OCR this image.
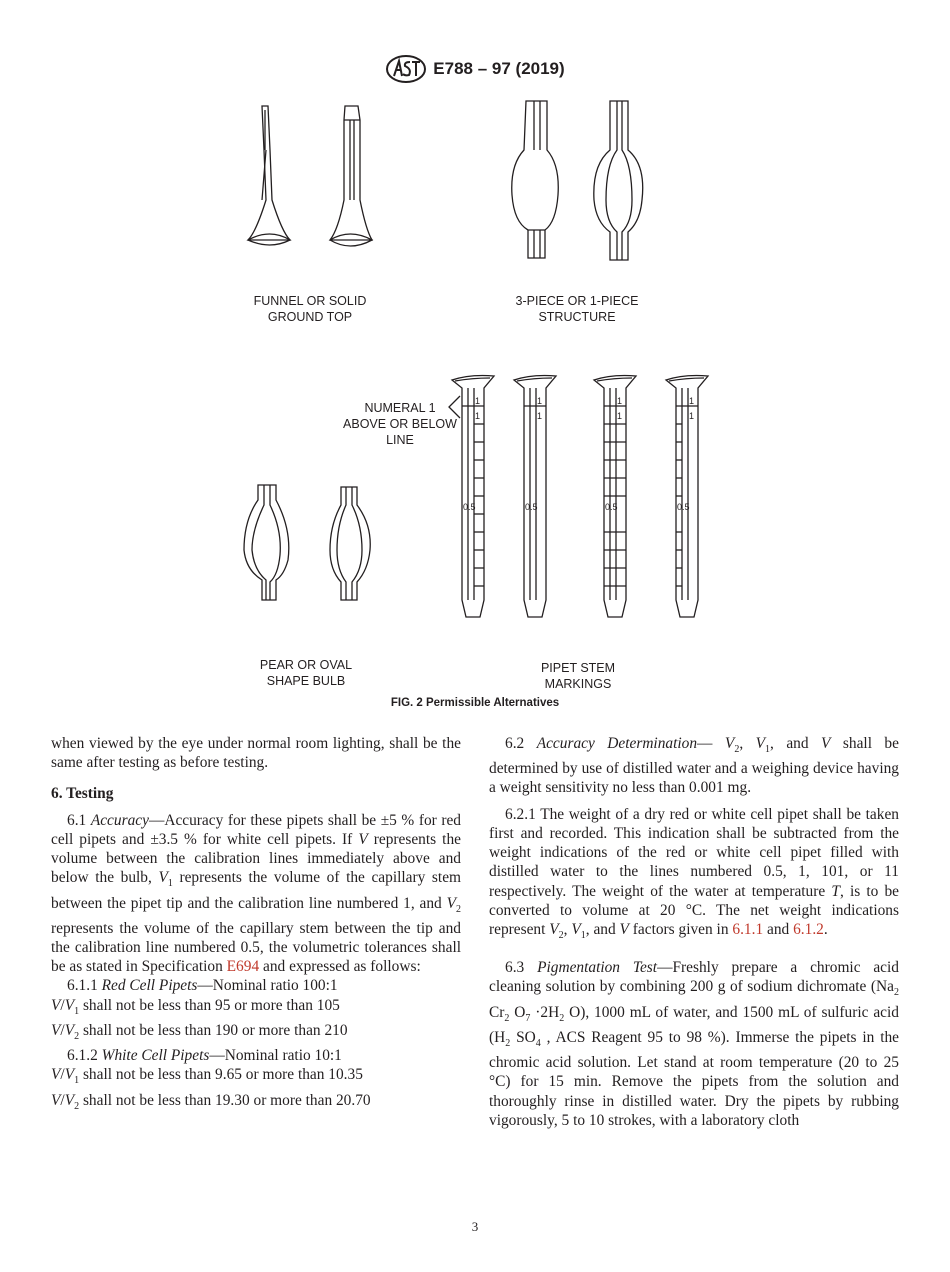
E788 – 97 (2019)
1
1
0.5
1
1
0.5
1
1
0.5
1
1
0.5
FUNNEL OR SOLID
GROUND TOP
3-PIECE OR 1-PIECE
STRUCTURE
NUMERAL 1
ABOVE OR BELOW
LINE
PEAR OR OVAL
SHAPE BULB
PIPET STEM
MARKINGS
FIG. 2 Permissible Alternatives

when viewed by the eye under normal room lighting, shall be the same after testing as before testing.

6. Testing

6.1 Accuracy—Accuracy for these pipets shall be ±5 % for red cell pipets and ±3.5 % for white cell pipets. If V represents the volume between the calibration lines immediately above and below the bulb, $V_1$ represents the volume of the capillary stem between the pipet tip and the calibration line numbered 1, and $V_2$ represents the volume of the capillary stem between the tip and the calibration line numbered 0.5, the volumetric tolerances shall be as stated in Specification E694 and expressed as follows:

6.1.1 Red Cell Pipets—Nominal ratio 100:1

$V/V_1$ shall not be less than 95 or more than 105

$V/V_2$ shall not be less than 190 or more than 210

6.1.2 White Cell Pipets—Nominal ratio 10:1

$V/V_1$ shall not be less than 9.65 or more than 10.35

$V/V_2$ shall not be less than 19.30 or more than 20.70

6.2 Accuracy Determination— $V_2$, $V_1$, and V shall be determined by use of distilled water and a weighing device having a weight sensitivity no less than 0.001 mg.

6.2.1 The weight of a dry red or white cell pipet shall be taken first and recorded. This indication shall be subtracted from the weight indications of the red or white cell pipet filled with distilled water to the lines numbered 0.5, 1, 101, or 11 respectively. The weight of the water at temperature T, is to be converted to volume at 20 °C. The net weight indications represent $V_2$, $V_1$, and V factors given in 6.1.1 and 6.1.2.

6.3 Pigmentation Test—Freshly prepare a chromic acid cleaning solution by combining 200 g of sodium dichromate ($Na_2$ $Cr_2$ $O_7 \cdot 2H_2$ O), 1000 mL of water, and 1500 mL of sulfuric acid ($H_2$ $SO_4$ , ACS Reagent 95 to 98 %). Immerse the pipets in the chromic acid solution. Let stand at room temperature (20 to 25 °C) for 15 min. Remove the pipets from the solution and thoroughly rinse in distilled water. Dry the pipets by rubbing vigorously, 5 to 10 strokes, with a laboratory cloth

3
